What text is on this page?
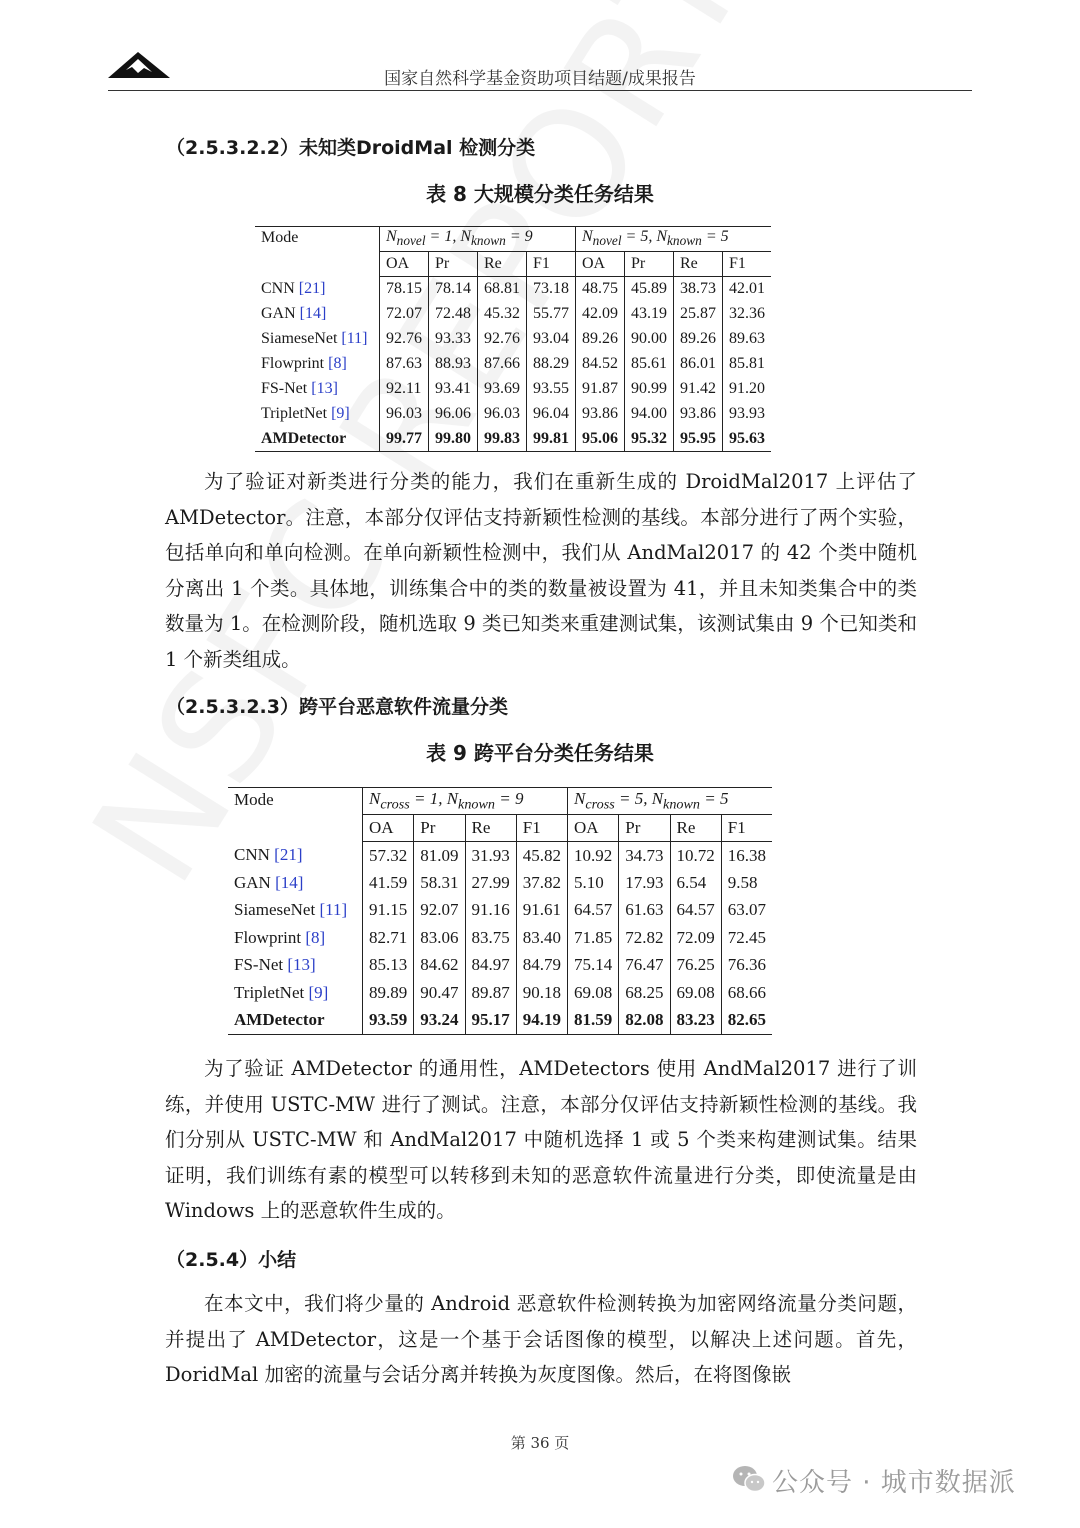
国家自然科学基金资助项目结题/成果报告
（2.5.3.2.2）未知类DroidMal 检测分类
表 8 大规模分类任务结果
Mode	$N_{novel} = 1$, $N_{known} = 9$				$N_{novel} = 5$, $N_{known} = 5$			
	OA	Pr	Re	F1	OA	Pr	Re	F1
CNN [21]	78.15	78.14	68.81	73.18	48.75	45.89	38.73	42.01
GAN [14]	72.07	72.48	45.32	55.77	42.09	43.19	25.87	32.36
SiameseNet [11]	92.76	93.33	92.76	93.04	89.26	90.00	89.26	89.63
Flowprint [8]	87.63	88.93	87.66	88.29	84.52	85.61	86.01	85.81
FS-Net [13]	92.11	93.41	93.69	93.55	91.87	90.99	91.42	91.20
TripletNet [9]	96.03	96.06	96.03	96.04	93.86	94.00	93.86	93.93
AMDetector	99.77	99.80	99.83	99.81	95.06	95.32	95.95	95.63

为了验证对新类进行分类的能力，我们在重新生成的 DroidMal2017 上评估了 AMDetector。注意，本部分仅评估支持新颖性检测的基线。本部分进行了两个实验，包括单向和单向检测。在单向新颖性检测中，我们从 AndMal2017 的 42 个类中随机分离出 1 个类。具体地，训练集合中的类的数量被设置为 41，并且未知类集合中的类数量为 1。在检测阶段，随机选取 9 类已知类来重建测试集，该测试集由 9 个已知类和 1 个新类组成。

（2.5.3.2.3）跨平台恶意软件流量分类
表 9 跨平台分类任务结果
Mode	$N_{cross} = 1$, $N_{known} = 9$				$N_{cross} = 5$, $N_{known} = 5$			
	OA	Pr	Re	F1	OA	Pr	Re	F1
CNN [21]	57.32	81.09	31.93	45.82	10.92	34.73	10.72	16.38
GAN [14]	41.59	58.31	27.99	37.82	5.10	17.93	6.54	9.58
SiameseNet [11]	91.15	92.07	91.16	91.61	64.57	61.63	64.57	63.07
Flowprint [8]	82.71	83.06	83.75	83.40	71.85	72.82	72.09	72.45
FS-Net [13]	85.13	84.62	84.97	84.79	75.14	76.47	76.25	76.36
TripletNet [9]	89.89	90.47	89.87	90.18	69.08	68.25	69.08	68.66
AMDetector	93.59	93.24	95.17	94.19	81.59	82.08	83.23	82.65

为了验证 AMDetector 的通用性，AMDetectors 使用 AndMal2017 进行了训练，并使用 USTC-MW 进行了测试。注意，本部分仅评估支持新颖性检测的基线。我们分别从 USTC-MW 和 AndMal2017 中随机选择 1 或 5 个类来构建测试集。结果证明，我们训练有素的模型可以转移到未知的恶意软件流量进行分类，即使流量是由 Windows 上的恶意软件生成的。

（2.5.4）小结

在本文中，我们将少量的 Android 恶意软件检测转换为加密网络流量分类问题，并提出了 AMDetector，这是一个基于会话图像的模型，以解决上述问题。首先，DoridMal 加密的流量与会话分离并转换为灰度图像。然后，在将图像嵌

第 36 页
公众号 · 城市数据派
